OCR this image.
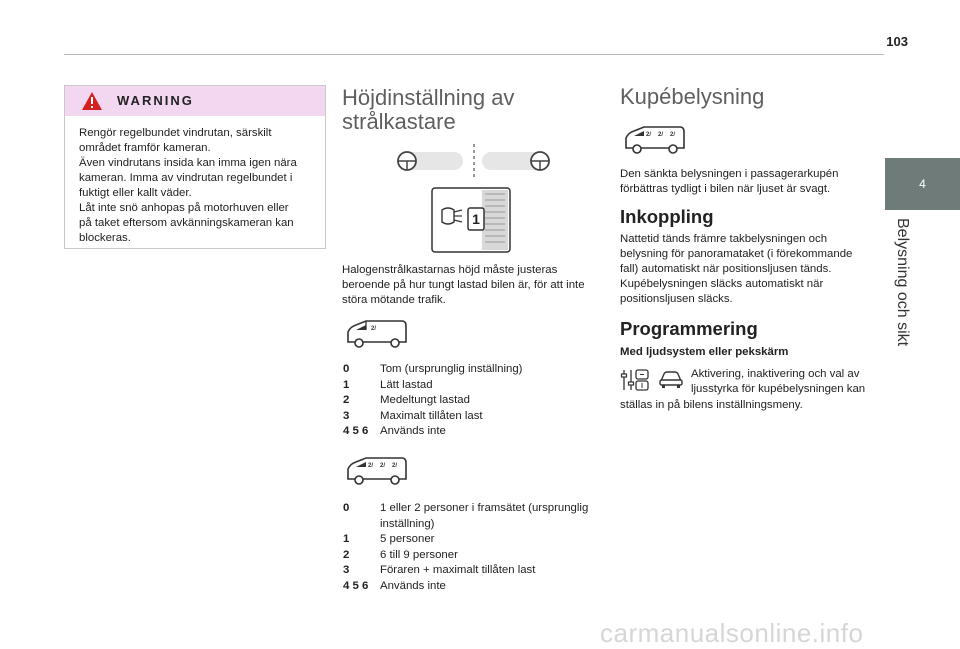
103
4
Belysning och sikt
WARNING
Rengör regelbundet vindrutan, särskilt
området framför kameran.
Även vindrutans insida kan imma igen nära
kameran. Imma av vindrutan regelbundet i
fuktigt eller kallt väder.
Låt inte snö anhopas på motorhuven eller
på taket eftersom avkänningskameran kan
blockeras.
Höjdinställning av
strålkastare
1
Halogenstrålkastarnas höjd måste justeras
beroende på hur tungt lastad bilen är, för att inte
störa mötande trafik.
2/
0	Tom (ursprunglig inställning)
1	Lätt lastad
2	Medeltungt lastad
3	Maximalt tillåten last
4 5 6 Används inte
2/ 2/ 2/
0	1 eller 2 personer i framsätet (ursprunglig
inställning)
1	5 personer
2	6 till 9 personer
3	Föraren + maximalt tillåten last
4 5 6 Används inte
Kupébelysning
2/ 2/ 2/
Den sänkta belysningen i passagerarkupén
förbättras tydligt i bilen när ljuset är svagt.
Inkoppling
Nattetid tänds främre takbelysningen och
belysning för panoramataket (i förekommande
fall) automatiskt när positionsljusen tänds.
Kupébelysningen släcks automatiskt när
positionsljusen släcks.
Programmering
Med ljudsystem eller pekskärm
Aktivering, inaktivering och val av
ljusstyrka för kupébelysningen kan
ställas in på bilens inställningsmeny.
carmanualsonline.info
